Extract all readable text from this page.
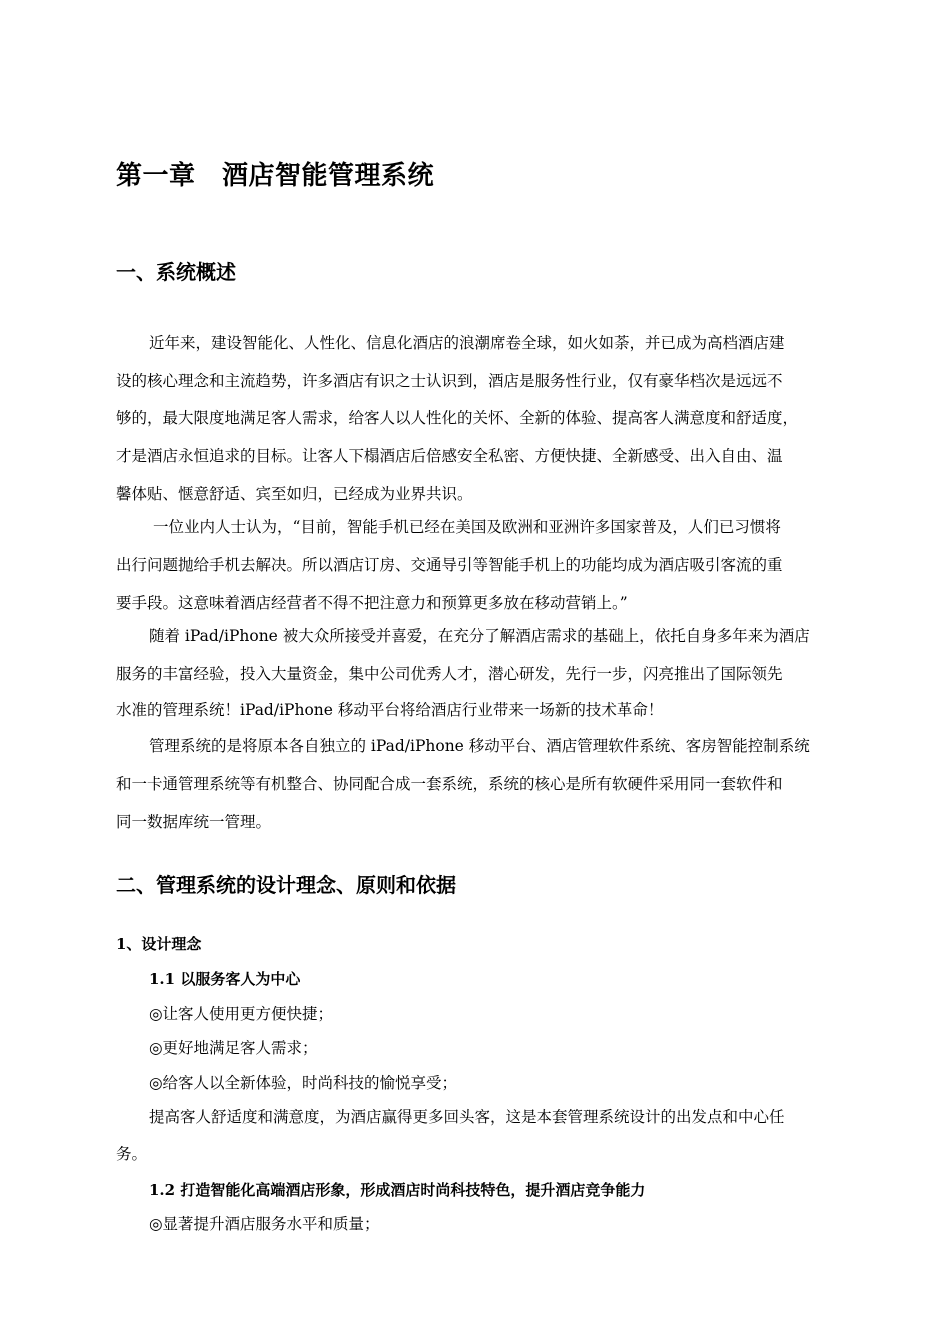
第一章　酒店智能管理系统
一、系统概述
近年来，建设智能化、人性化、信息化酒店的浪潮席卷全球，如火如荼，并已成为高档酒店建
设的核心理念和主流趋势，许多酒店有识之士认识到，酒店是服务性行业，仅有豪华档次是远远不
够的，最大限度地满足客人需求，给客人以人性化的关怀、全新的体验、提高客人满意度和舒适度，
才是酒店永恒追求的目标。让客人下榻酒店后倍感安全私密、方便快捷、全新感受、出入自由、温
馨体贴、惬意舒适、宾至如归，已经成为业界共识。
一位业内人士认为，“目前，智能手机已经在美国及欧洲和亚洲许多国家普及，人们已习惯将
出行问题抛给手机去解决。所以酒店订房、交通导引等智能手机上的功能均成为酒店吸引客流的重
要手段。这意味着酒店经营者不得不把注意力和预算更多放在移动营销上。”
随着 iPad/iPhone 被大众所接受并喜爱，在充分了解酒店需求的基础上，依托自身多年来为酒店
服务的丰富经验，投入大量资金，集中公司优秀人才，潜心研发，先行一步，闪亮推出了国际领先
水准的管理系统！iPad/iPhone 移动平台将给酒店行业带来一场新的技术革命！
管理系统的是将原本各自独立的 iPad/iPhone 移动平台、酒店管理软件系统、客房智能控制系统
和一卡通管理系统等有机整合、协同配合成一套系统，系统的核心是所有软硬件采用同一套软件和
同一数据库统一管理。
二、管理系统的设计理念、原则和依据
1、设计理念
1.1 以服务客人为中心
◎让客人使用更方便快捷；
◎更好地满足客人需求；
◎给客人以全新体验，时尚科技的愉悦享受；
提高客人舒适度和满意度，为酒店赢得更多回头客，这是本套管理系统设计的出发点和中心任
务。
1.2 打造智能化高端酒店形象，形成酒店时尚科技特色，提升酒店竞争能力
◎显著提升酒店服务水平和质量；
